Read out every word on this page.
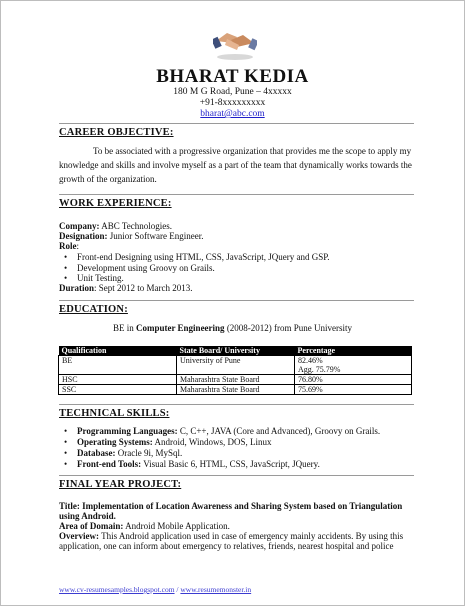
BHARAT KEDIA
180 M G Road, Pune – 4xxxxx
+91-8xxxxxxxxx
bharat@abc.com
CAREER OBJECTIVE:
To be associated with a progressive organization that provides me the scope to apply my knowledge and skills and involve myself as a part of the team that dynamically works towards the growth of the organization.
WORK EXPERIENCE:
Company: ABC Technologies.
Designation: Junior Software Engineer.
Role:
• Front-end Designing using HTML, CSS, JavaScript, JQuery and GSP.
• Development using Groovy on Grails.
• Unit Testing.
Duration: Sept 2012 to March 2013.
EDUCATION:
BE in Computer Engineering (2008-2012) from Pune University
Qualification	State Board/ University	Percentage
BE	University of Pune	82.46%
Agg. 75.79%

HSC	Maharashtra State Board	76.80%
SSC	Maharashtra State Board	75.69%
TECHNICAL SKILLS:
• Programming Languages: C, C++, JAVA (Core and Advanced), Groovy on Grails.
• Operating Systems: Android, Windows, DOS, Linux
• Database: Oracle 9i, MySql.
• Front-end Tools: Visual Basic 6, HTML, CSS, JavaScript, JQuery.
FINAL YEAR PROJECT:
Title: Implementation of Location Awareness and Sharing System based on Triangulation
using Android.
Area of Domain: Android Mobile Application.
Overview: This Android application used in case of emergency mainly accidents. By using this
application, one can inform about emergency to relatives, friends, nearest hospital and police
www.cv-resumesamples.blogspot.com / www.resumemonster.in
